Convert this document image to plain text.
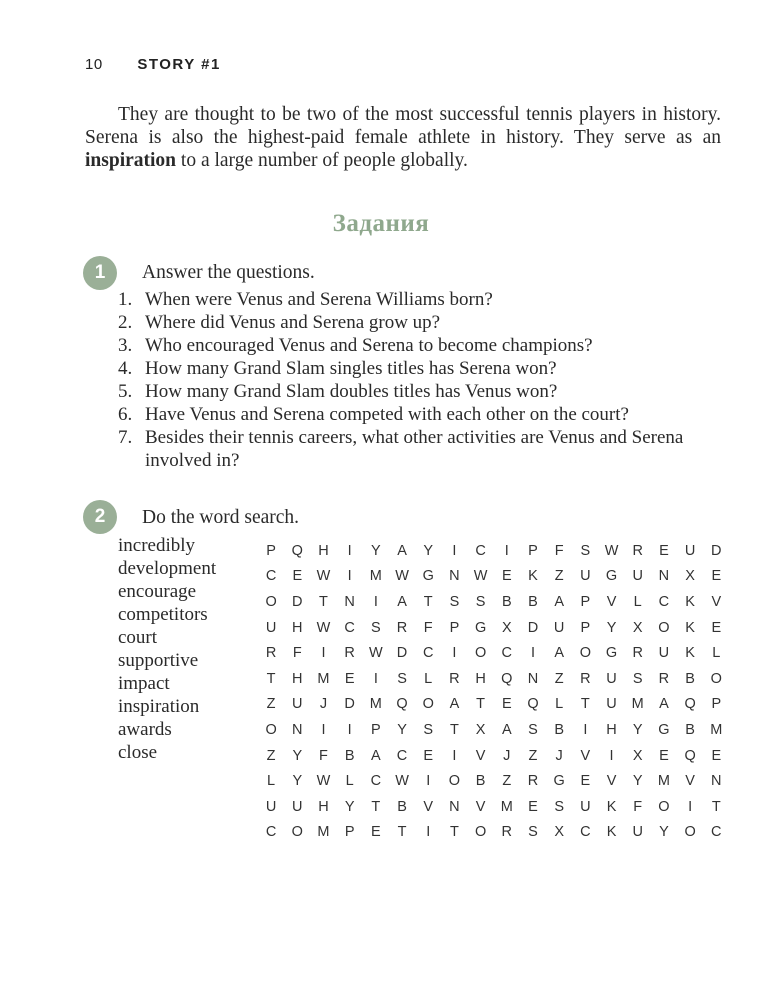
10 STORY #1

They are thought to be two of the most successful tennis players in history. Serena is also the highest-paid female athlete in history. They serve as an inspiration to a large number of people globally.

Задания
1	Answer the questions.
1. When were Venus and Serena Williams born?
2. Where did Venus and Serena grow up?
3. Who encouraged Venus and Serena to become champions?
4. How many Grand Slam singles titles has Serena won?
5. How many Grand Slam doubles titles has Venus won?
6. Have Venus and Serena competed with each other on the court?
7. Besides their tennis careers, what other activities are Venus and Serena involved in?
2	Do the word search.
incredibly
development
encourage
competitors
court
supportive
impact
inspiration
awards
close
P	Q	H	I	Y	A	Y	I	C	I	P	F	S	W	R	E	U	D
C	E	W	I	M	W	G	N	W	E	K	Z	U	G	U	N	X	E
O	D	T	N	I	A	T	S	S	B	B	A	P	V	L	C	K	V
U	H	W	C	S	R	F	P	G	X	D	U	P	Y	X	O	K	E
R	F	I	R	W	D	C	I	O	C	I	A	O	G	R	U	K	L
T	H	M	E	I	S	L	R	H	Q	N	Z	R	U	S	R	B	O
Z	U	J	D	M	Q	O	A	T	E	Q	L	T	U	M	A	Q	P
O	N	I	I	P	Y	S	T	X	A	S	B	I	H	Y	G	B	M
Z	Y	F	B	A	C	E	I	V	J	Z	J	V	I	X	E	Q	E
L	Y	W	L	C	W	I	O	B	Z	R	G	E	V	Y	M	V	N
U	U	H	Y	T	B	V	N	V	M	E	S	U	K	F	O	I	T
C	O	M	P	E	T	I	T	O	R	S	X	C	K	U	Y	O	C
